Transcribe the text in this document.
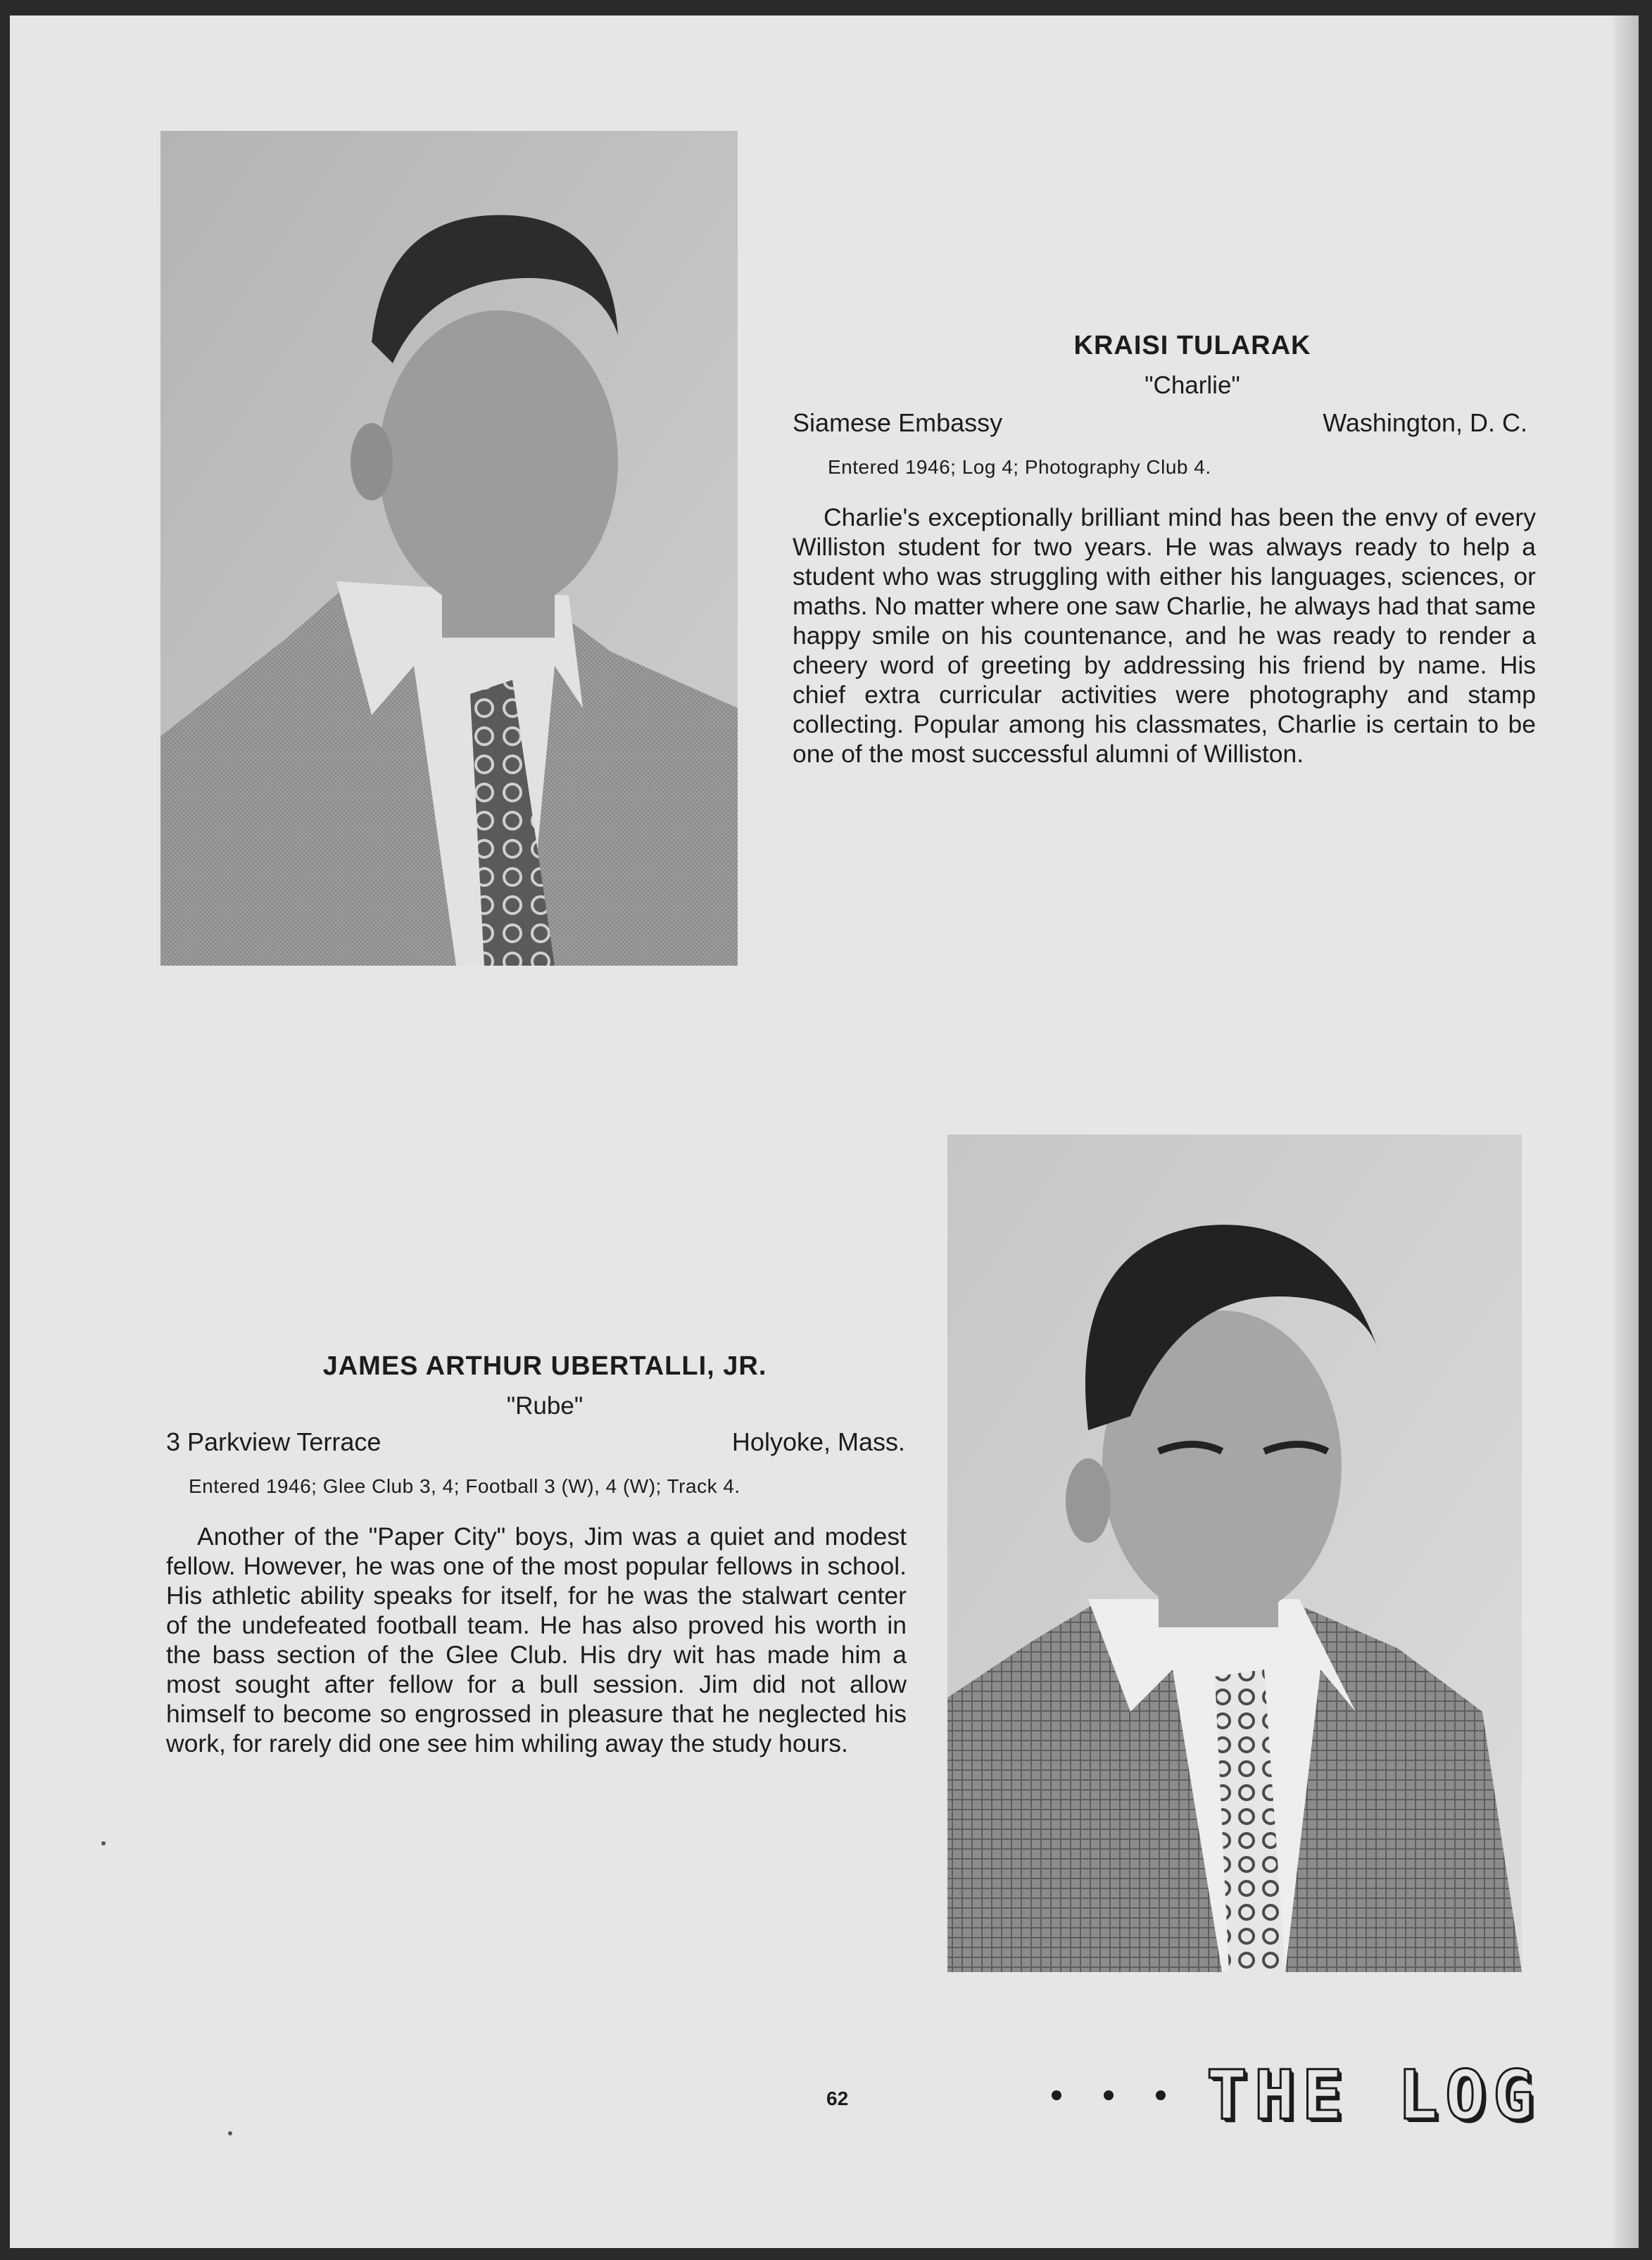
KRAISI TULARAK
"Charlie"
Siamese Embassy	Washington, D. C.
Entered 1946; Log 4; Photography Club 4.

Charlie's exceptionally brilliant mind has been the envy of every Williston student for two years. He was always ready to help a student who was struggling with either his languages, sciences, or maths. No matter where one saw Charlie, he always had that same happy smile on his countenance, and he was ready to render a cheery word of greeting by addressing his friend by name. His chief extra curricular activities were photography and stamp collecting. Popular among his classmates, Charlie is certain to be one of the most successful alumni of Williston.

JAMES ARTHUR UBERTALLI, JR.
"Rube"
3 Parkview Terrace	Holyoke, Mass.
Entered 1946; Glee Club 3, 4; Football 3 (W), 4 (W); Track 4.

Another of the "Paper City" boys, Jim was a quiet and modest fellow. However, he was one of the most popular fellows in school. His athletic ability speaks for itself, for he was the stalwart center of the undefeated football team. He has also proved his worth in the bass section of the Glee Club. His dry wit has made him a most sought after fellow for a bull session. Jim did not allow himself to become so engrossed in pleasure that he neglected his work, for rarely did one see him whiling away the study hours.

THE LOG
62
